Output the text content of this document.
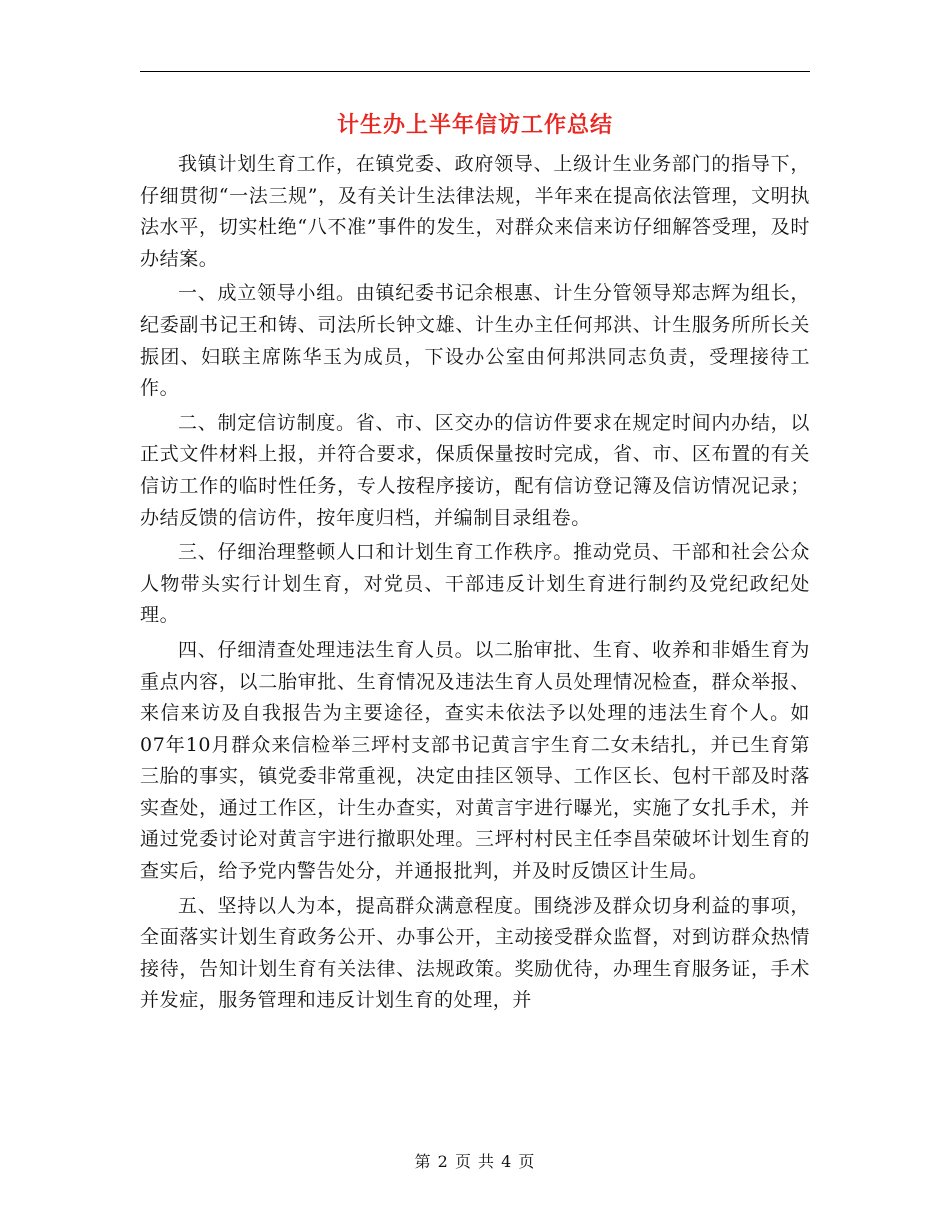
计生办上半年信访工作总结

我镇计划生育工作，在镇党委、政府领导、上级计生业务部门的指导下，仔细贯彻“一法三规”，及有关计生法律法规，半年来在提高依法管理，文明执法水平，切实杜绝“八不准”事件的发生，对群众来信来访仔细解答受理，及时办结案。

一、成立领导小组。由镇纪委书记余根惠、计生分管领导郑志辉为组长，纪委副书记王和铸、司法所长钟文雄、计生办主任何邦洪、计生服务所所长关振团、妇联主席陈华玉为成员，下设办公室由何邦洪同志负责，受理接待工作。

二、制定信访制度。省、市、区交办的信访件要求在规定时间内办结，以正式文件材料上报，并符合要求，保质保量按时完成，省、市、区布置的有关信访工作的临时性任务，专人按程序接访，配有信访登记簿及信访情况记录；办结反馈的信访件，按年度归档，并编制目录组卷。

三、仔细治理整顿人口和计划生育工作秩序。推动党员、干部和社会公众人物带头实行计划生育，对党员、干部违反计划生育进行制约及党纪政纪处理。

四、仔细清查处理违法生育人员。以二胎审批、生育、收养和非婚生育为重点内容，以二胎审批、生育情况及违法生育人员处理情况检查，群众举报、来信来访及自我报告为主要途径，查实未依法予以处理的违法生育个人。如07年10月群众来信检举三坪村支部书记黄言宇生育二女未结扎，并已生育第三胎的事实，镇党委非常重视，决定由挂区领导、工作区长、包村干部及时落实查处，通过工作区，计生办查实，对黄言宇进行曝光，实施了女扎手术，并通过党委讨论对黄言宇进行撤职处理。三坪村村民主任李昌荣破坏计划生育的查实后，给予党内警告处分，并通报批判，并及时反馈区计生局。

五、坚持以人为本，提高群众满意程度。围绕涉及群众切身利益的事项，全面落实计划生育政务公开、办事公开，主动接受群众监督，对到访群众热情接待，告知计划生育有关法律、法规政策。奖励优待，办理生育服务证，手术并发症，服务管理和违反计划生育的处理，并

第 2 页 共 4 页
